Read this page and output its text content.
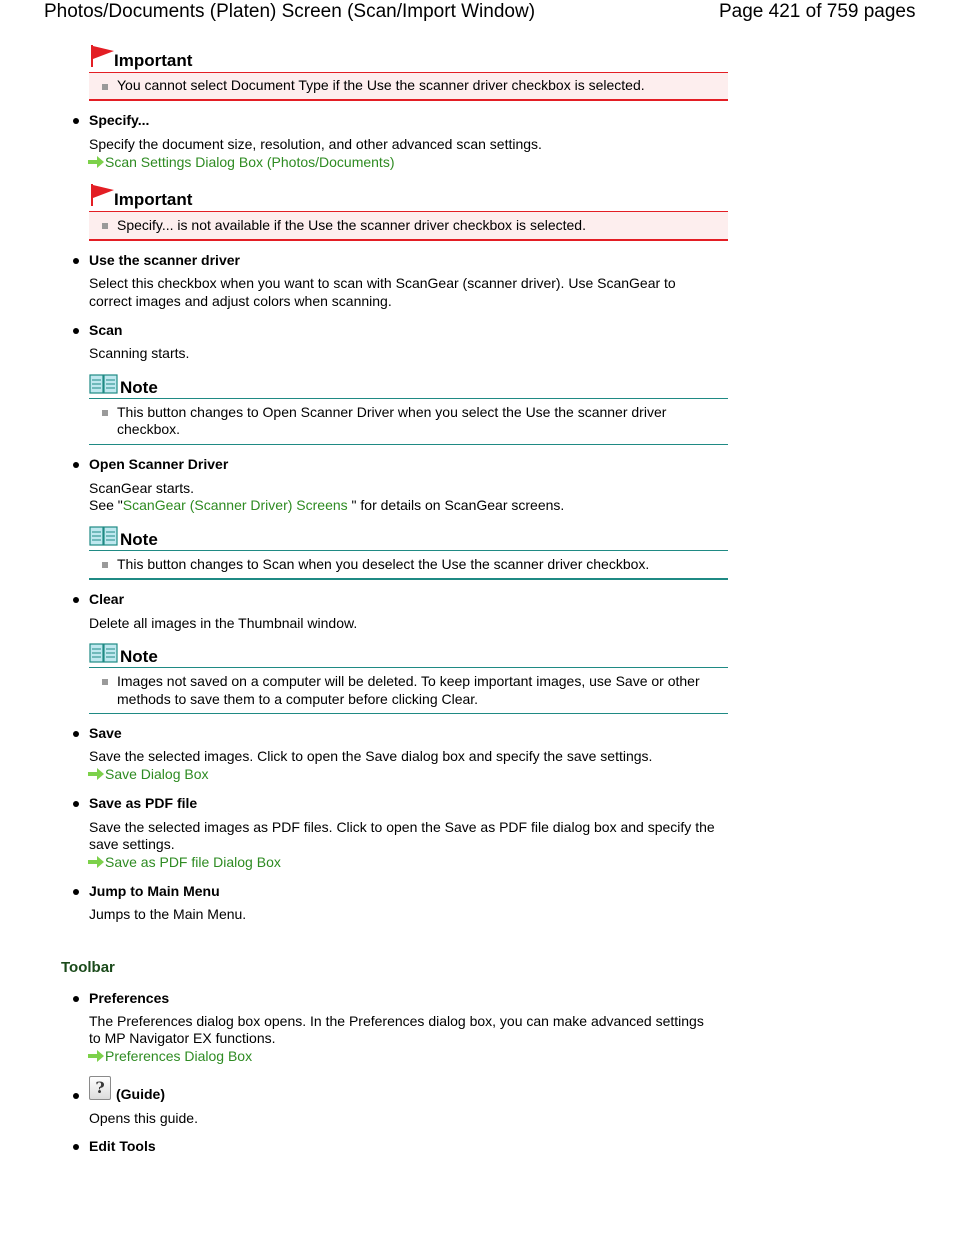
Photos/Documents (Platen) Screen (Scan/Import Window)	Page 421 of 759 pages
Important
You cannot select Document Type if the Use the scanner driver checkbox is selected.
Specify...
Specify the document size, resolution, and other advanced scan settings.
Scan Settings Dialog Box (Photos/Documents)
Important
Specify... is not available if the Use the scanner driver checkbox is selected.
Use the scanner driver
Select this checkbox when you want to scan with ScanGear (scanner driver). Use ScanGear to
correct images and adjust colors when scanning.
Scan
Scanning starts.
Note
This button changes to Open Scanner Driver when you select the Use the scanner driver
checkbox.
Open Scanner Driver
ScanGear starts.
See "ScanGear (Scanner Driver) Screens " for details on ScanGear screens.
Note
This button changes to Scan when you deselect the Use the scanner driver checkbox.
Clear
Delete all images in the Thumbnail window.
Note
Images not saved on a computer will be deleted. To keep important images, use Save or other
methods to save them to a computer before clicking Clear.
Save
Save the selected images. Click to open the Save dialog box and specify the save settings.
Save Dialog Box
Save as PDF file
Save the selected images as PDF files. Click to open the Save as PDF file dialog box and specify the
save settings.
Save as PDF file Dialog Box
Jump to Main Menu
Jumps to the Main Menu.
Toolbar
Preferences
The Preferences dialog box opens. In the Preferences dialog box, you can make advanced settings
to MP Navigator EX functions.
Preferences Dialog Box
? (Guide)
Opens this guide.
Edit Tools
